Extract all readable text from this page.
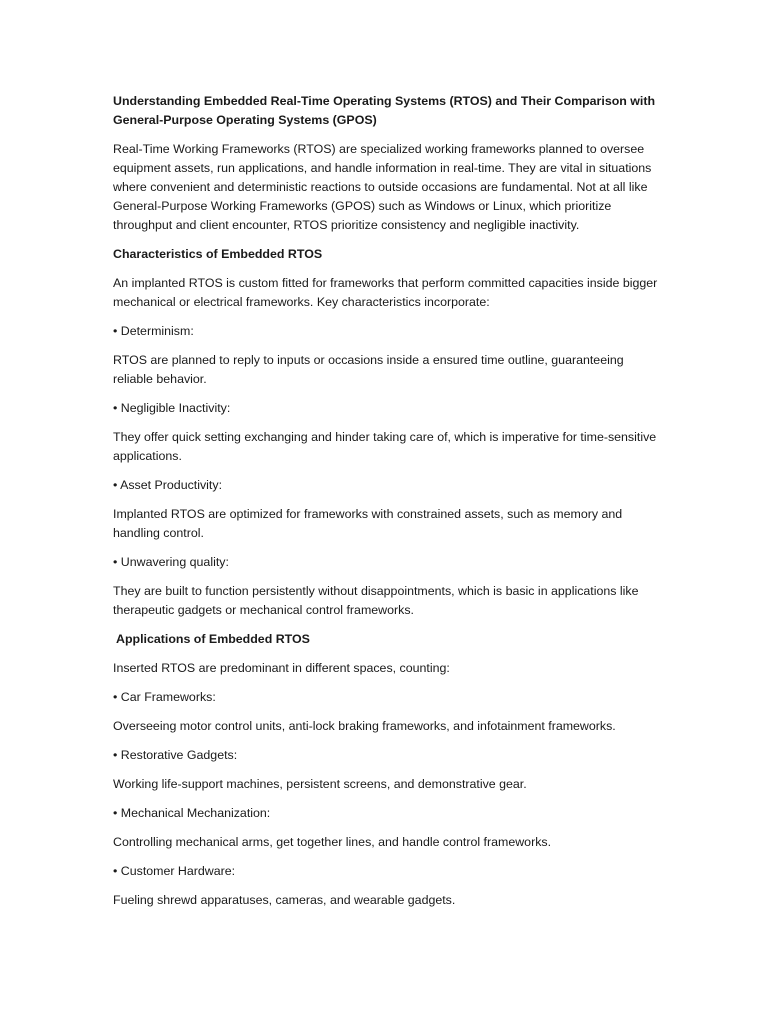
Understanding Embedded Real-Time Operating Systems (RTOS) and Their Comparison with General-Purpose Operating Systems (GPOS)

Real-Time Working Frameworks (RTOS) are specialized working frameworks planned to oversee equipment assets, run applications, and handle information in real-time. They are vital in situations where convenient and deterministic reactions to outside occasions are fundamental. Not at all like General-Purpose Working Frameworks (GPOS) such as Windows or Linux, which prioritize throughput and client encounter, RTOS prioritize consistency and negligible inactivity.

Characteristics of Embedded RTOS

An implanted RTOS is custom fitted for frameworks that perform committed capacities inside bigger mechanical or electrical frameworks. Key characteristics incorporate:

• Determinism:

RTOS are planned to reply to inputs or occasions inside a ensured time outline, guaranteeing reliable behavior.

• Negligible Inactivity:

They offer quick setting exchanging and hinder taking care of, which is imperative for time-sensitive applications.

• Asset Productivity:

Implanted RTOS are optimized for frameworks with constrained assets, such as memory and handling control.

• Unwavering quality:

They are built to function persistently without disappointments, which is basic in applications like therapeutic gadgets or mechanical control frameworks.

Applications of Embedded RTOS

Inserted RTOS are predominant in different spaces, counting:

• Car Frameworks:

Overseeing motor control units, anti-lock braking frameworks, and infotainment frameworks.

• Restorative Gadgets:

Working life-support machines, persistent screens, and demonstrative gear.

• Mechanical Mechanization:

Controlling mechanical arms, get together lines, and handle control frameworks.

• Customer Hardware:

Fueling shrewd apparatuses, cameras, and wearable gadgets.
